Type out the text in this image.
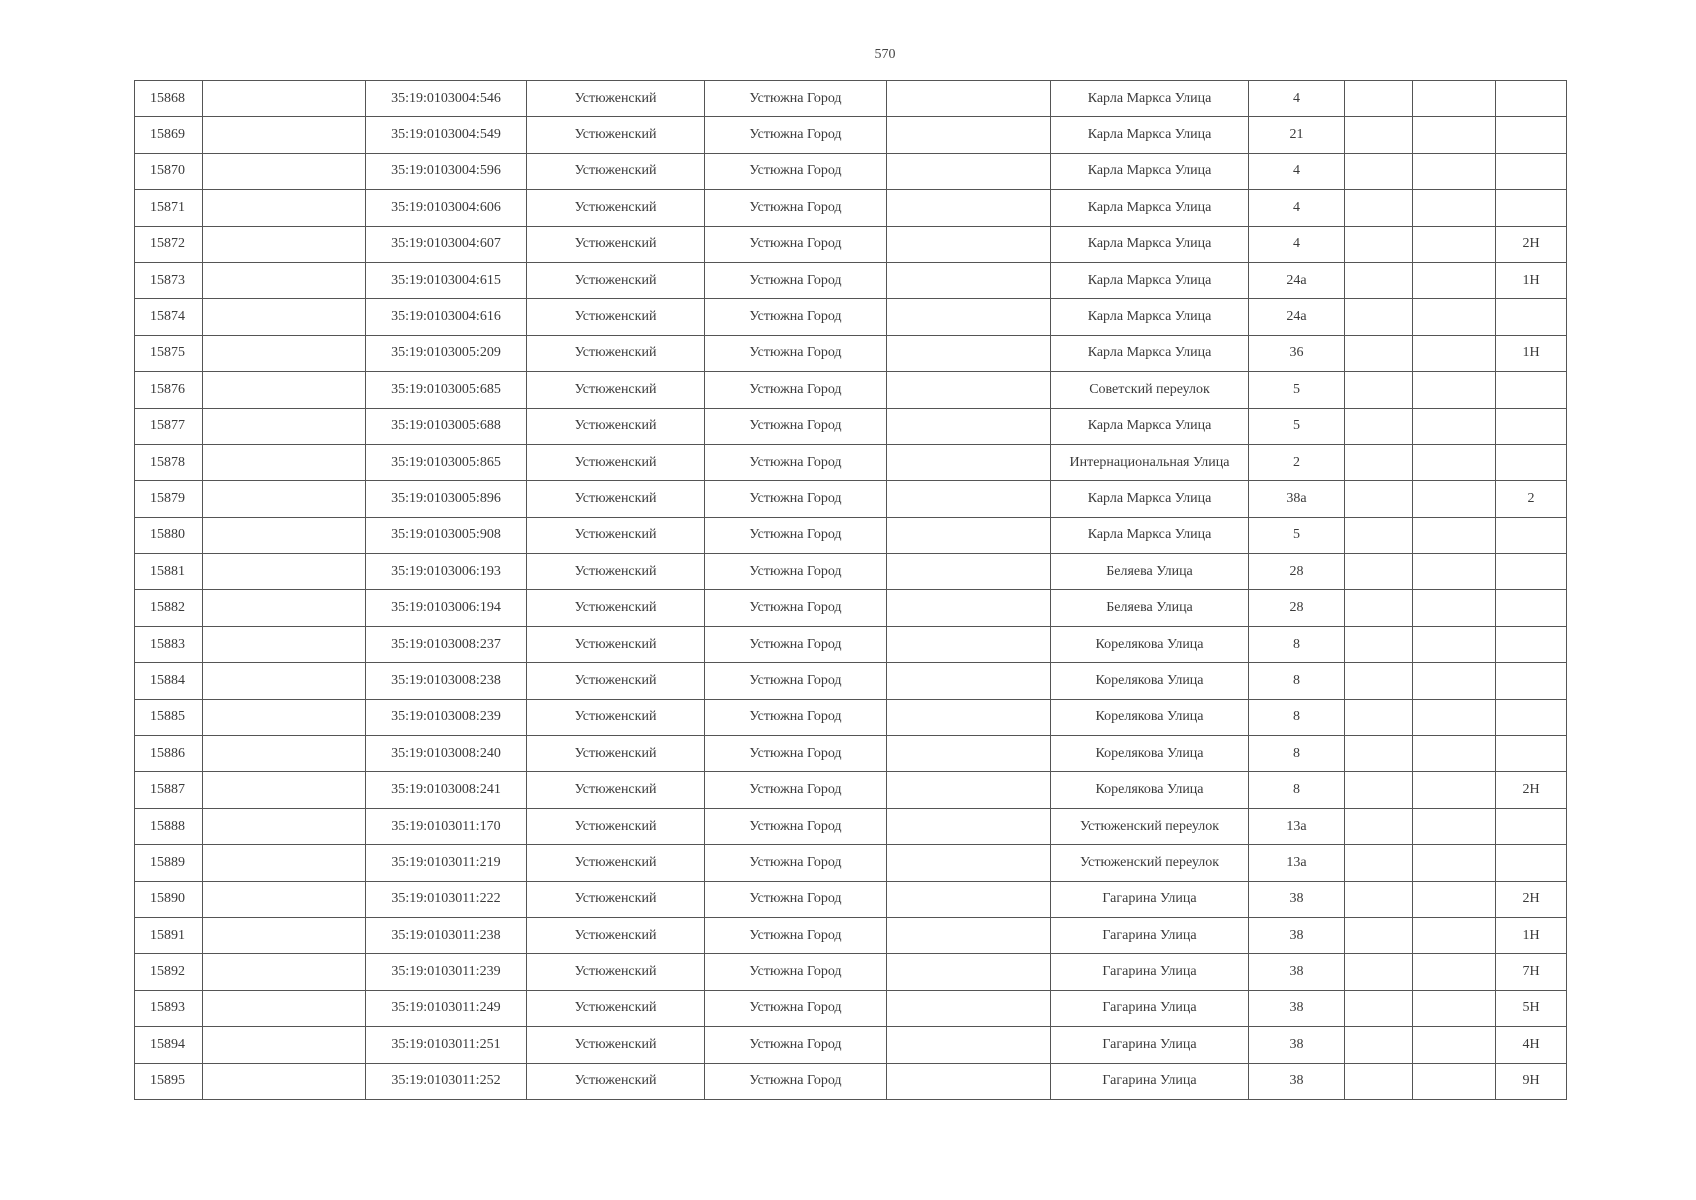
570
15868		35:19:0103004:546	Устюженский	Устюжна Город		Карла Маркса Улица	4			
15869		35:19:0103004:549	Устюженский	Устюжна Город		Карла Маркса Улица	21			
15870		35:19:0103004:596	Устюженский	Устюжна Город		Карла Маркса Улица	4			
15871		35:19:0103004:606	Устюженский	Устюжна Город		Карла Маркса Улица	4			
15872		35:19:0103004:607	Устюженский	Устюжна Город		Карла Маркса Улица	4			2Н
15873		35:19:0103004:615	Устюженский	Устюжна Город		Карла Маркса Улица	24а			1Н
15874		35:19:0103004:616	Устюженский	Устюжна Город		Карла Маркса Улица	24а			
15875		35:19:0103005:209	Устюженский	Устюжна Город		Карла Маркса Улица	36			1Н
15876		35:19:0103005:685	Устюженский	Устюжна Город		Советский переулок	5			
15877		35:19:0103005:688	Устюженский	Устюжна Город		Карла Маркса Улица	5			
15878		35:19:0103005:865	Устюженский	Устюжна Город		Интернациональная Улица	2			
15879		35:19:0103005:896	Устюженский	Устюжна Город		Карла Маркса Улица	38а			2
15880		35:19:0103005:908	Устюженский	Устюжна Город		Карла Маркса Улица	5			
15881		35:19:0103006:193	Устюженский	Устюжна Город		Беляева Улица	28			
15882		35:19:0103006:194	Устюженский	Устюжна Город		Беляева Улица	28			
15883		35:19:0103008:237	Устюженский	Устюжна Город		Корелякова Улица	8			
15884		35:19:0103008:238	Устюженский	Устюжна Город		Корелякова Улица	8			
15885		35:19:0103008:239	Устюженский	Устюжна Город		Корелякова Улица	8			
15886		35:19:0103008:240	Устюженский	Устюжна Город		Корелякова Улица	8			
15887		35:19:0103008:241	Устюженский	Устюжна Город		Корелякова Улица	8			2Н
15888		35:19:0103011:170	Устюженский	Устюжна Город		Устюженский переулок	13а			
15889		35:19:0103011:219	Устюженский	Устюжна Город		Устюженский переулок	13а			
15890		35:19:0103011:222	Устюженский	Устюжна Город		Гагарина Улица	38			2Н
15891		35:19:0103011:238	Устюженский	Устюжна Город		Гагарина Улица	38			1Н
15892		35:19:0103011:239	Устюженский	Устюжна Город		Гагарина Улица	38			7Н
15893		35:19:0103011:249	Устюженский	Устюжна Город		Гагарина Улица	38			5Н
15894		35:19:0103011:251	Устюженский	Устюжна Город		Гагарина Улица	38			4Н
15895		35:19:0103011:252	Устюженский	Устюжна Город		Гагарина Улица	38			9Н
